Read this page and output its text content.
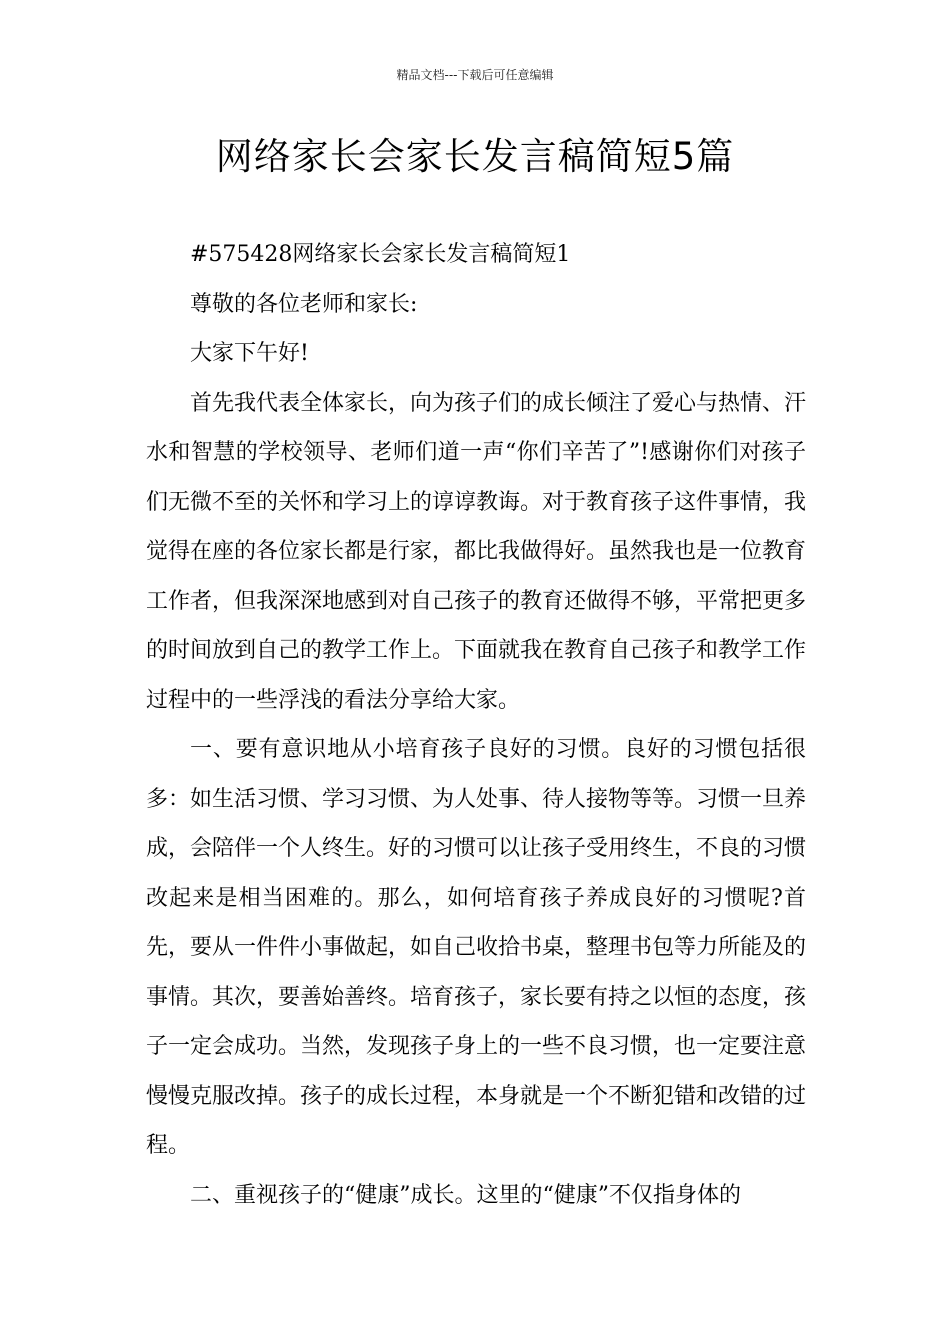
精品文档---下载后可任意编辑
网络家长会家长发言稿简短5篇

#575428网络家长会家长发言稿简短1

尊敬的各位老师和家长:

大家下午好!

首先我代表全体家长，向为孩子们的成长倾注了爱心与热情、汗水和智慧的学校领导、老师们道一声“你们辛苦了”!感谢你们对孩子们无微不至的关怀和学习上的谆谆教诲。对于教育孩子这件事情，我觉得在座的各位家长都是行家，都比我做得好。虽然我也是一位教育工作者，但我深深地感到对自己孩子的教育还做得不够，平常把更多的时间放到自己的教学工作上。下面就我在教育自己孩子和教学工作过程中的一些浮浅的看法分享给大家。

一、要有意识地从小培育孩子良好的习惯。良好的习惯包括很多：如生活习惯、学习习惯、为人处事、待人接物等等。习惯一旦养成，会陪伴一个人终生。好的习惯可以让孩子受用终生，不良的习惯改起来是相当困难的。那么，如何培育孩子养成良好的习惯呢?首先，要从一件件小事做起，如自己收拾书桌，整理书包等力所能及的事情。其次，要善始善终。培育孩子，家长要有持之以恒的态度，孩子一定会成功。当然，发现孩子身上的一些不良习惯，也一定要注意慢慢克服改掉。孩子的成长过程，本身就是一个不断犯错和改错的过程。

二、重视孩子的“健康”成长。这里的“健康”不仅指身体的
